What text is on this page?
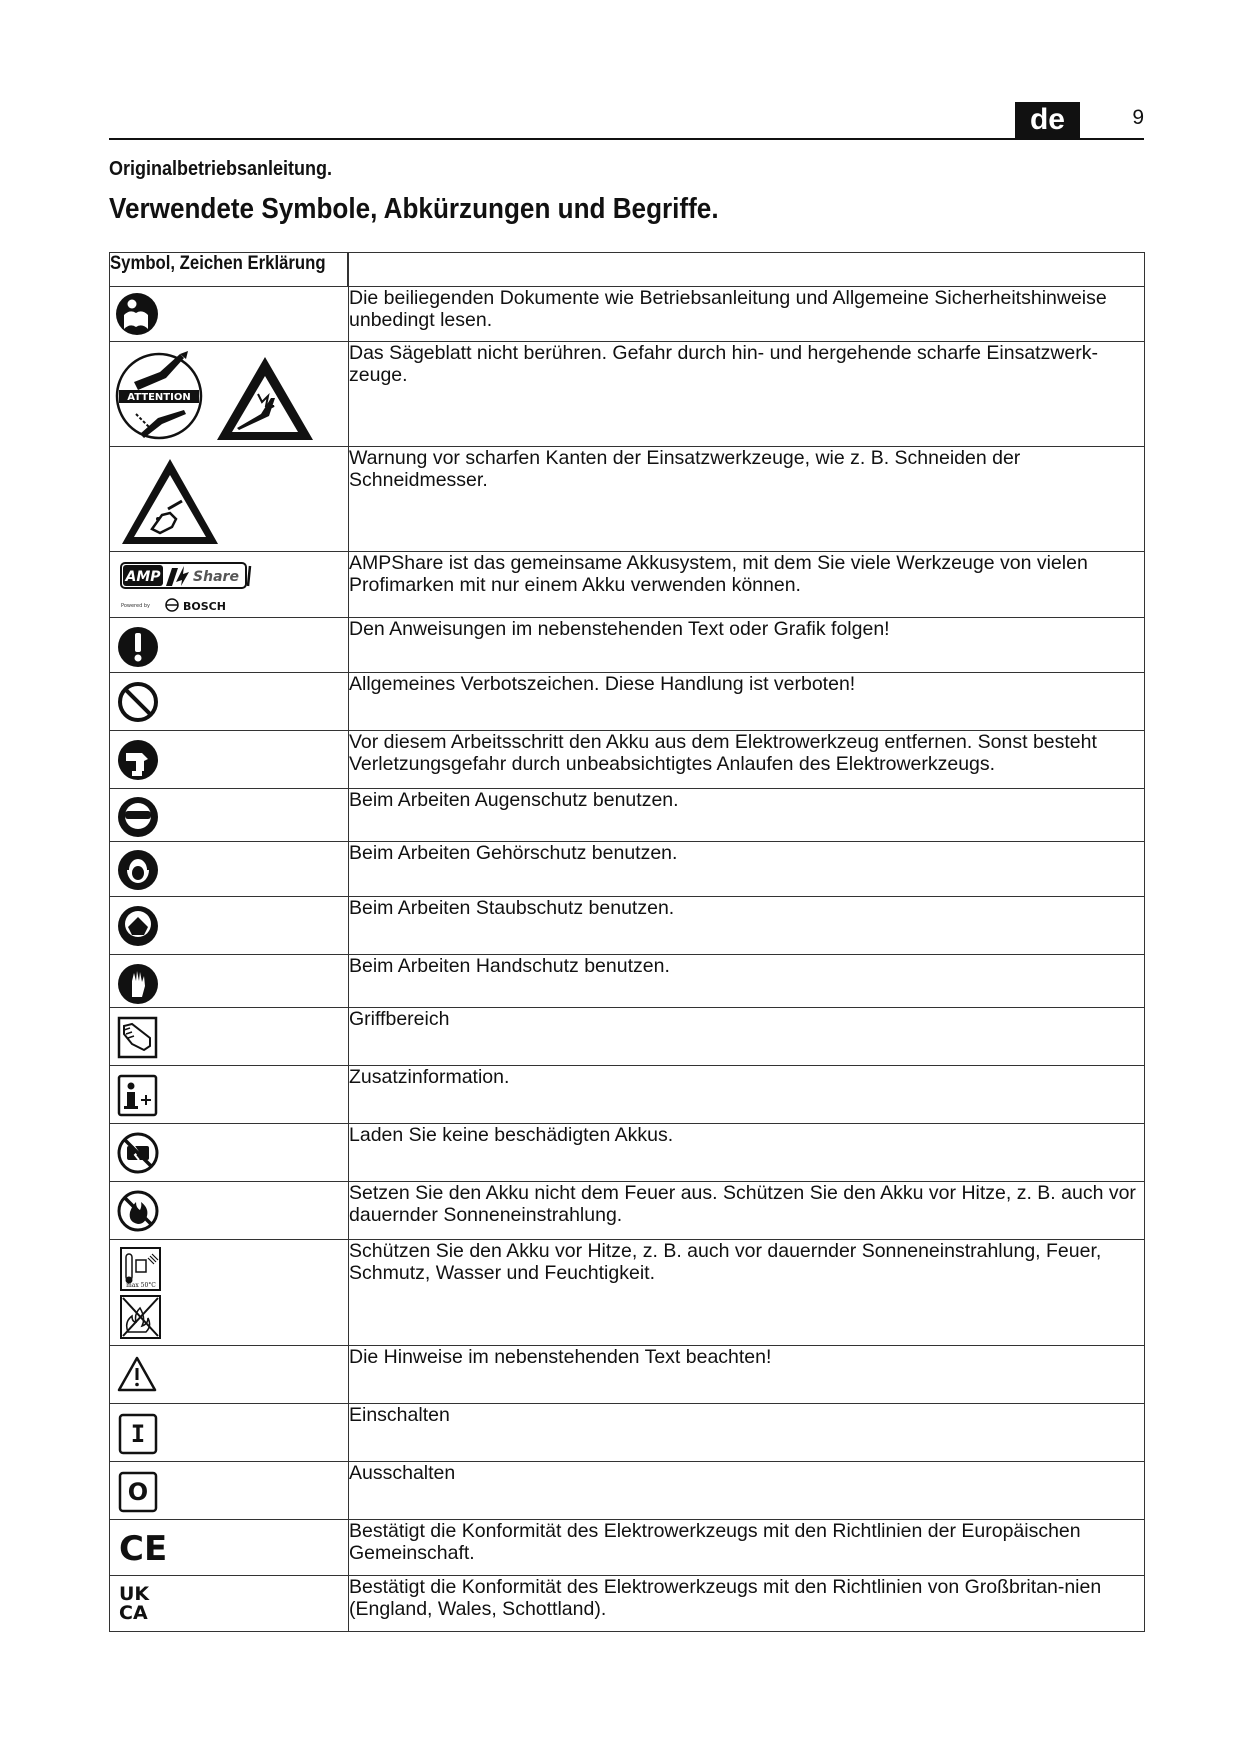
de	9
Originalbetriebsanleitung.
Verwendete Symbole, Abkürzungen und Begriffe.
Symbol, Zeichen Erklärung	

	Die beiliegenden Dokumente wie Betriebsanleitung und Allgemeine Sicherheitshinweise unbedingt lesen.

ATTENTION	Das Sägeblatt nicht berühren. Gefahr durch hin- und hergehende scharfe Einsatzwerk-zeuge.

	Warnung vor scharfen Kanten der Einsatzwerkzeuge, wie z. B. Schneiden der Schneidmesser.

AMP Share
Powered by BOSCH	AMPShare ist das gemeinsame Akkusystem, mit dem Sie viele Werkzeuge von vielen Profimarken mit nur einem Akku verwenden können.

	Den Anweisungen im nebenstehenden Text oder Grafik folgen!

	Allgemeines Verbotszeichen. Diese Handlung ist verboten!

	Vor diesem Arbeitsschritt den Akku aus dem Elektrowerkzeug entfernen. Sonst besteht Verletzungsgefahr durch unbeabsichtigtes Anlaufen des Elektrowerkzeugs.

	Beim Arbeiten Augenschutz benutzen.

	Beim Arbeiten Gehörschutz benutzen.

	Beim Arbeiten Staubschutz benutzen.

	Beim Arbeiten Handschutz benutzen.

	Griffbereich

	Zusatzinformation.

	Laden Sie keine beschädigten Akkus.

	Setzen Sie den Akku nicht dem Feuer aus. Schützen Sie den Akku vor Hitze, z. B. auch vor dauernder Sonneneinstrahlung.

max 50°C	Schützen Sie den Akku vor Hitze, z. B. auch vor dauernder Sonneneinstrahlung, Feuer, Schmutz, Wasser und Feuchtigkeit.

	Die Hinweise im nebenstehenden Text beachten!

I	Einschalten

O	Ausschalten

CE	Bestätigt die Konformität des Elektrowerkzeugs mit den Richtlinien der Europäischen Gemeinschaft.

UK
CA	Bestätigt die Konformität des Elektrowerkzeugs mit den Richtlinien von Großbritan-nien (England, Wales, Schottland).
